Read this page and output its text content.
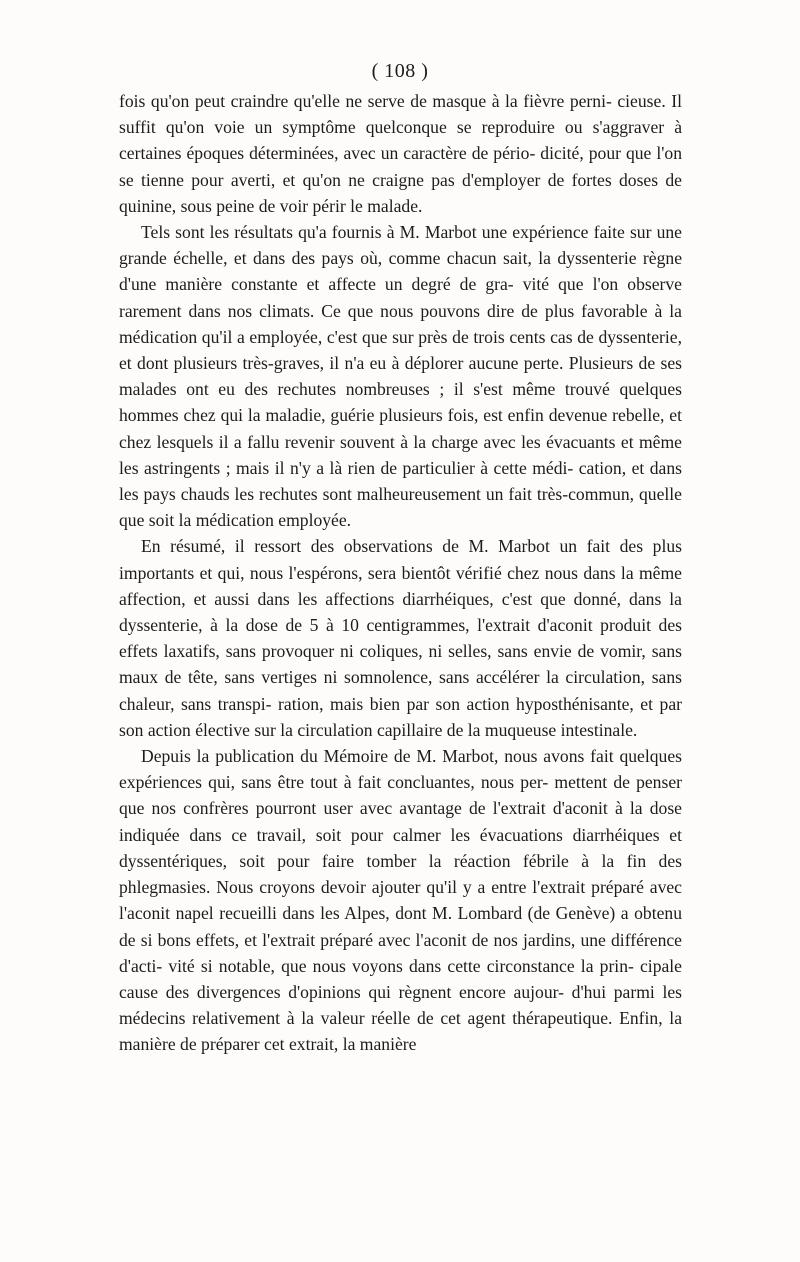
( 108 )

fois qu'on peut craindre qu'elle ne serve de masque à la fièvre perni- cieuse. Il suffit qu'on voie un symptôme quelconque se reproduire ou s'aggraver à certaines époques déterminées, avec un caractère de pério- dicité, pour que l'on se tienne pour averti, et qu'on ne craigne pas d'employer de fortes doses de quinine, sous peine de voir périr le malade.

Tels sont les résultats qu'a fournis à M. Marbot une expérience faite sur une grande échelle, et dans des pays où, comme chacun sait, la dyssenterie règne d'une manière constante et affecte un degré de gra- vité que l'on observe rarement dans nos climats. Ce que nous pouvons dire de plus favorable à la médication qu'il a employée, c'est que sur près de trois cents cas de dyssenterie, et dont plusieurs très-graves, il n'a eu à déplorer aucune perte. Plusieurs de ses malades ont eu des rechutes nombreuses ; il s'est même trouvé quelques hommes chez qui la maladie, guérie plusieurs fois, est enfin devenue rebelle, et chez lesquels il a fallu revenir souvent à la charge avec les évacuants et même les astringents ; mais il n'y a là rien de particulier à cette médi- cation, et dans les pays chauds les rechutes sont malheureusement un fait très-commun, quelle que soit la médication employée.

En résumé, il ressort des observations de M. Marbot un fait des plus importants et qui, nous l'espérons, sera bientôt vérifié chez nous dans la même affection, et aussi dans les affections diarrhéiques, c'est que donné, dans la dyssenterie, à la dose de 5 à 10 centigrammes, l'extrait d'aconit produit des effets laxatifs, sans provoquer ni coliques, ni selles, sans envie de vomir, sans maux de tête, sans vertiges ni somnolence, sans accélérer la circulation, sans chaleur, sans transpi- ration, mais bien par son action hyposthénisante, et par son action élective sur la circulation capillaire de la muqueuse intestinale.

Depuis la publication du Mémoire de M. Marbot, nous avons fait quelques expériences qui, sans être tout à fait concluantes, nous per- mettent de penser que nos confrères pourront user avec avantage de l'extrait d'aconit à la dose indiquée dans ce travail, soit pour calmer les évacuations diarrhéiques et dyssentériques, soit pour faire tomber la réaction fébrile à la fin des phlegmasies. Nous croyons devoir ajouter qu'il y a entre l'extrait préparé avec l'aconit napel recueilli dans les Alpes, dont M. Lombard (de Genève) a obtenu de si bons effets, et l'extrait préparé avec l'aconit de nos jardins, une différence d'acti- vité si notable, que nous voyons dans cette circonstance la prin- cipale cause des divergences d'opinions qui règnent encore aujour- d'hui parmi les médecins relativement à la valeur réelle de cet agent thérapeutique. Enfin, la manière de préparer cet extrait, la manière
